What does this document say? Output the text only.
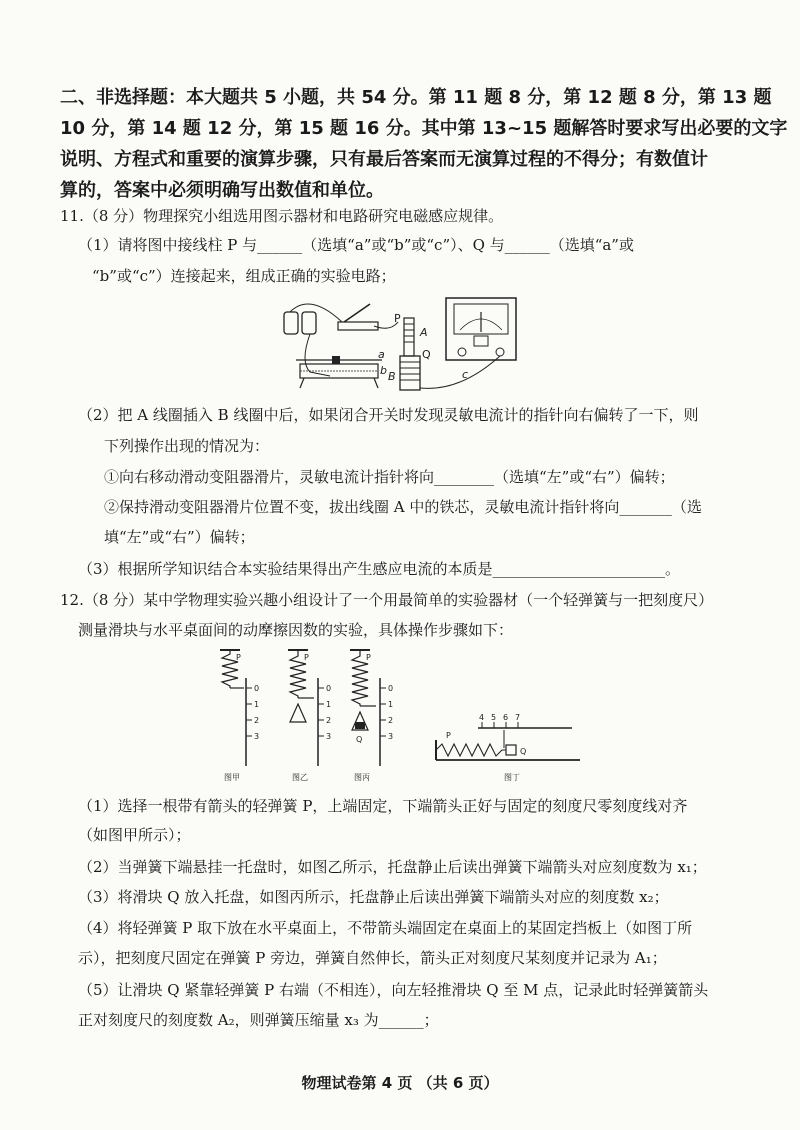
二、非选择题：本大题共 5 小题，共 54 分。第 11 题 8 分，第 12 题 8 分，第 13 题
10 分，第 14 题 12 分，第 15 题 16 分。其中第 13~15 题解答时要求写出必要的文字
说明、方程式和重要的演算步骤，只有最后答案而无演算过程的不得分；有数值计
算的，答案中必须明确写出数值和单位。
11.（8 分）物理探究小组选用图示器材和电路研究电磁感应规律。
（1）请将图中接线柱 P 与______（选填“a”或“b”或“c”）、Q 与______（选填“a”或
“b”或“c”）连接起来，组成正确的实验电路；
a
b
P
A
Q
B	c
（2）把 A 线圈插入 B 线圈中后，如果闭合开关时发现灵敏电流计的指针向右偏转了一下，则
下列操作出现的情况为：
①向右移动滑动变阻器滑片，灵敏电流计指针将向________（选填“左”或“右”）偏转；
②保持滑动变阻器滑片位置不变，拔出线圈 A 中的铁芯，灵敏电流计指针将向_______（选
填“左”或“右”）偏转；
（3）根据所学知识结合本实验结果得出产生感应电流的本质是_______________________。
12.（8 分）某中学物理实验兴趣小组设计了一个用最简单的实验器材（一个轻弹簧与一把刻度尺）
测量滑块与水平桌面间的动摩擦因数的实验，具体操作步骤如下：
P
0
1
2
3
图甲
P
0
1
2
3
图乙
P
Q
0
1
2
3
图丙
4 5 6 7
P
Q
图丁
（1）选择一根带有箭头的轻弹簧 P，上端固定，下端箭头正好与固定的刻度尺零刻度线对齐
（如图甲所示）；
（2）当弹簧下端悬挂一托盘时，如图乙所示，托盘静止后读出弹簧下端箭头对应刻度数为 x₁；
（3）将滑块 Q 放入托盘，如图丙所示，托盘静止后读出弹簧下端箭头对应的刻度数 x₂；
（4）将轻弹簧 P 取下放在水平桌面上，不带箭头端固定在桌面上的某固定挡板上（如图丁所
示），把刻度尺固定在弹簧 P 旁边，弹簧自然伸长，箭头正对刻度尺某刻度并记录为 A₁；
（5）让滑块 Q 紧靠轻弹簧 P 右端（不相连），向左轻推滑块 Q 至 M 点，记录此时轻弹簧箭头
正对刻度尺的刻度数 A₂，则弹簧压缩量 x₃ 为______；
物理试卷第 4 页 （共 6 页）
